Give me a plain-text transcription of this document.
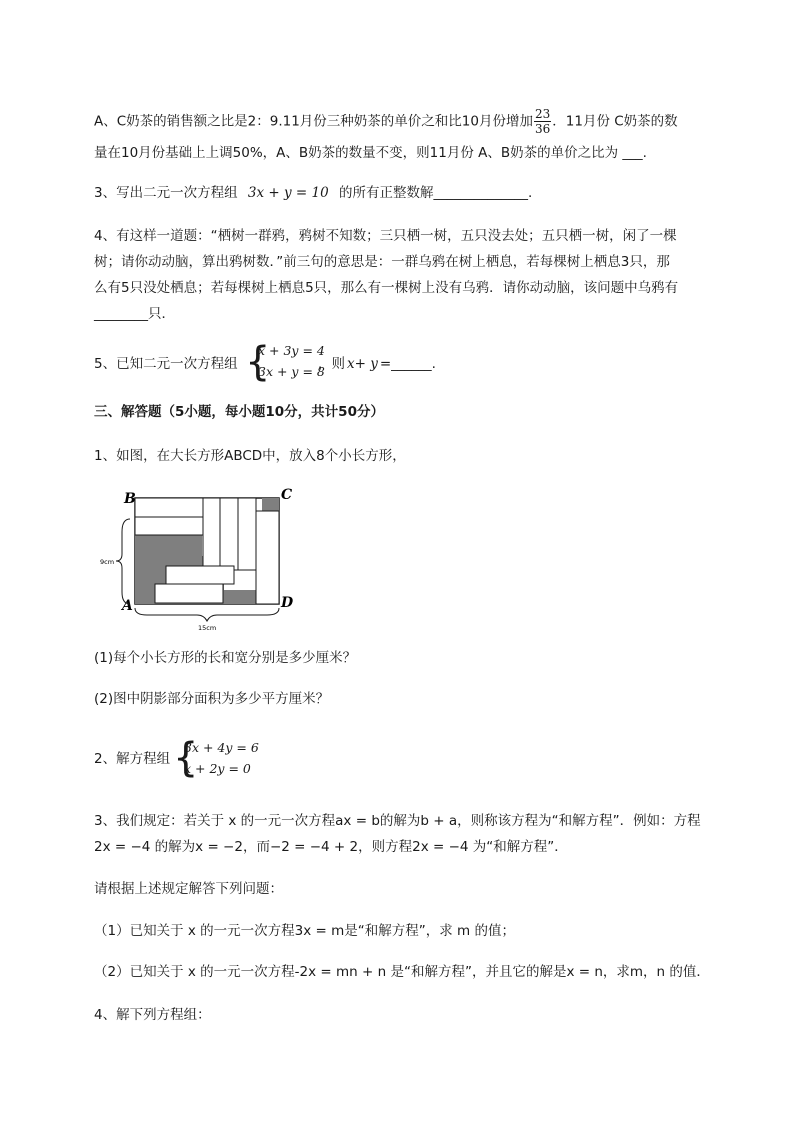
A、C奶茶的销售额之比是2：9.11月份三种奶茶的单价之和比10月份增加 $\frac{23}{36}$ ．11月份 C奶茶的数
量在10月份基础上上调50%，A、B奶茶的数量不变，则11月份 A、B奶茶的单价之比为 ___.
3、写出二元一次方程组 3x + y = 10 的所有正整数解______________.
4、有这样一道题：“栖树一群鸦，鸦树不知数；三只栖一树，五只没去处；五只栖一树，闲了一棵
树；请你动动脑，算出鸦树数．”前三句的意思是：一群乌鸦在树上栖息，若每棵树上栖息3只，那
么有5只没处栖息；若每棵树上栖息5只，那么有一棵树上没有乌鸦．请你动动脑，该问题中乌鸦有
________只．
5、已知二元一次方程组 {
x + 3y = 4
3x + y = 8
，则 x+ y =______.
三、解答题（5小题，每小题10分，共计50分）
1、如图，在大长方形ABCD中，放入8个小长方形，
B	C
A	D
9cm
15cm
(1)每个小长方形的长和宽分别是多少厘米？
(2)图中阴影部分面积为多少平方厘米？
2、解方程组 {
3x + 4y = 6
x + 2y = 0
3、我们规定：若关于 x 的一元一次方程ax = b的解为b + a，则称该方程为“和解方程”．例如：方程
2x = −4 的解为x = −2，而−2 = −4 + 2，则方程2x = −4 为“和解方程”．
请根据上述规定解答下列问题：
（1）已知关于 x 的一元一次方程3x = m是“和解方程”，求 m 的值；
（2）已知关于 x 的一元一次方程-2x = mn + n 是“和解方程”，并且它的解是x = n，求m，n 的值．
4、解下列方程组：
